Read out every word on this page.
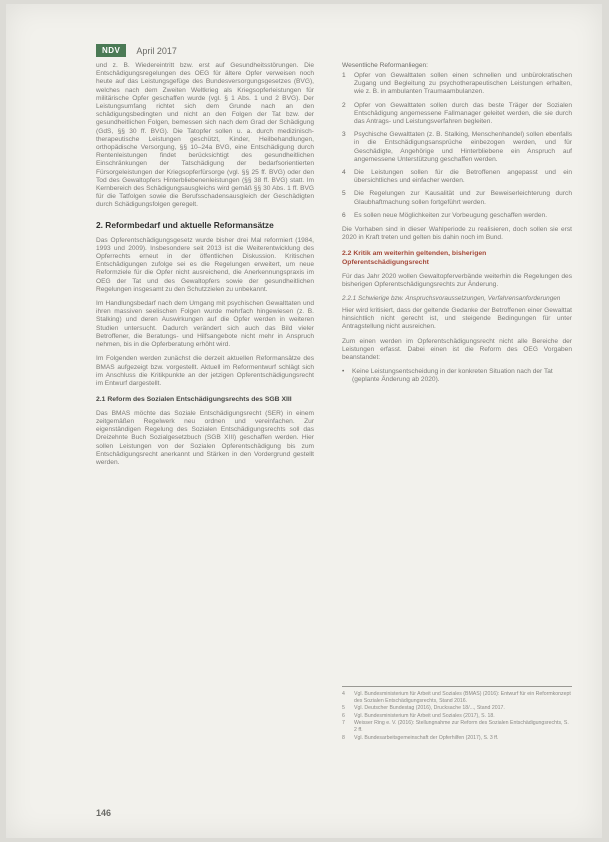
NDV	April 2017

und z. B. Wiedereintritt bzw. erst auf Gesundheitsstörungen. Die Entschädigungsregelungen des OEG für ältere Opfer verweisen noch heute auf das Leistungsgefüge des Bundesversorgungsgesetzes (BVG), welches nach dem Zweiten Weltkrieg als Kriegsopferleistungen für militärische Opfer geschaffen wurde (vgl. § 1 Abs. 1 und 2 BVG). Der Leistungsumfang richtet sich dem Grunde nach an den schädigungsbedingten und nicht an den Folgen der Tat bzw. der gesundheitlichen Folgen, bemessen sich nach dem Grad der Schädigung (GdS, §§ 30 ff. BVG). Die Tatopfer sollen u. a. durch medizinisch-therapeutische Leistungen geschützt, Kinder, Heilbehandlungen, orthopädische Versorgung, §§ 10–24a BVG, eine Entschädigung durch Rentenleistungen findet berücksichtigt des gesundheitlichen Einschränkungen der Tatschädigung der bedarfsorientierten Fürsorgeleistungen der Kriegsopferfürsorge (vgl. §§ 25 ff. BVG) oder den Tod des Gewaltopfers Hinterbliebenenleistungen (§§ 38 ff. BVG) statt. Im Kernbereich des Schädigungsausgleichs wird gemäß §§ 30 Abs. 1 ff. BVG für die Tatfolgen sowie die Berufsschadensausgleich der Geschädigten durch Schädigungsfolgen geregelt.

2. Reformbedarf und aktuelle Reformansätze

Das Opferentschädigungsgesetz wurde bisher drei Mal reformiert (1984, 1993 und 2009). Insbesondere seit 2013 ist die Weiterentwicklung des Opferrechts erneut in der öffentlichen Diskussion. Kritischen Entschädigungen zufolge sei es die Regelungen erweitert, um neue Reformziele für die Opfer nicht ausreichend, die Anerkennungspraxis im OEG der Tat und des Gewaltopfers sowie der gesundheitlichen Regelungen insgesamt zu den Schutzzielen zu unbekannt.

Im Handlungsbedarf nach dem Umgang mit psychischen Gewalttaten und ihren massiven seelischen Folgen wurde mehrfach hingewiesen (z. B. Stalking) und deren Auswirkungen auf die Opfer werden in weiteren Studien untersucht. Dadurch verändert sich auch das Bild vieler Betroffener, die Beratungs- und Hilfsangebote nicht mehr in Anspruch nehmen, bis in die Opferberatung erhöht wird.

Im Folgenden werden zunächst die derzeit aktuellen Reformansätze des BMAS aufgezeigt bzw. vorgestellt. Aktuell im Reformentwurf schlägt sich im Anschluss die Kritikpunkte an der jetzigen Opferentschädigungsrecht im Entwurf dargestellt.

2.1 Reform des Sozialen Entschädigungsrechts des SGB XIII

Das BMAS möchte das Soziale Entschädigungsrecht (SER) in einem zeitgemäßen Regelwerk neu ordnen und vereinfachen. Zur eigenständigen Regelung des Sozialen Entschädigungsrechts soll das Dreizehnte Buch Sozialgesetzbuch (SGB XIII) geschaffen werden. Hier sollen Leistungen von der Sozialen Opferentschädigung bis zum Entschädigungsrecht anerkannt und Stärken in den Vordergrund gestellt werden.

Wesentliche Reformanliegen:
1	Opfer von Gewalttaten sollen einen schnellen und unbürokratischen Zugang und Begleitung zu psychotherapeutischen Leistungen erhalten, wie z. B. in ambulanten Traumaambulanzen.
2	Opfer von Gewalttaten sollen durch das beste Träger der Sozialen Entschädigung angemessene Fallmanager geleitet werden, die sie durch das Antrags- und Leistungsverfahren begleiten.
3	Psychische Gewalttaten (z. B. Stalking, Menschenhandel) sollen ebenfalls in die Entschädigungsansprüche einbezogen werden, und für Geschädigte, Angehörige und Hinterbliebene ein Anspruch auf angemessene Unterstützung geschaffen werden.
4	Die Leistungen sollen für die Betroffenen angepasst und ein übersichtliches und einfacher werden.
5	Die Regelungen zur Kausalität und zur Beweiserleichterung durch Glaubhaftmachung sollen fortgeführt werden.
6	Es sollen neue Möglichkeiten zur Vorbeugung geschaffen werden.

Die Vorhaben sind in dieser Wahlperiode zu realisieren, doch sollen sie erst 2020 in Kraft treten und gelten bis dahin noch im Bund.

2.2 Kritik am weiterhin geltenden, bisherigen Opferentschädigungsrecht

Für das Jahr 2020 wollen Gewaltopferverbände weiterhin die Regelungen des bisherigen Opferentschädigungsrechts zur Änderung.

2.2.1 Schwierige bzw. Anspruchsvoraussetzungen, Verfahrensanforderungen

Hier wird kritisiert, dass der geltende Gedanke der Betroffenen einer Gewalttat hinsichtlich nicht gerecht ist, und steigende Bedingungen für unter Antragstellung nicht ausreichen.

Zum einen werden im Opferentschädigungsrecht nicht alle Bereiche der Leistungen erfasst. Dabei einen ist die Reform des OEG Vorgaben beanstandet:

•	Keine Leistungsentscheidung in der konkreten Situation nach der Tat (geplante Änderung ab 2020).
4	Vgl. Bundesministerium für Arbeit und Soziales (BMAS) (2016): Entwurf für ein Reformkonzept des Sozialen Entschädigungsrechts, Stand 2016.
5	Vgl. Deutscher Bundestag (2016), Drucksache 18/..., Stand 2017.
6	Vgl. Bundesministerium für Arbeit und Soziales (2017), S. 18.
7	Weisser Ring e. V. (2016): Stellungnahme zur Reform des Sozialen Entschädigungsrechts, S. 2 ff.
8	Vgl. Bundesarbeitsgemeinschaft der Opferhilfen (2017), S. 3 ff.
146
